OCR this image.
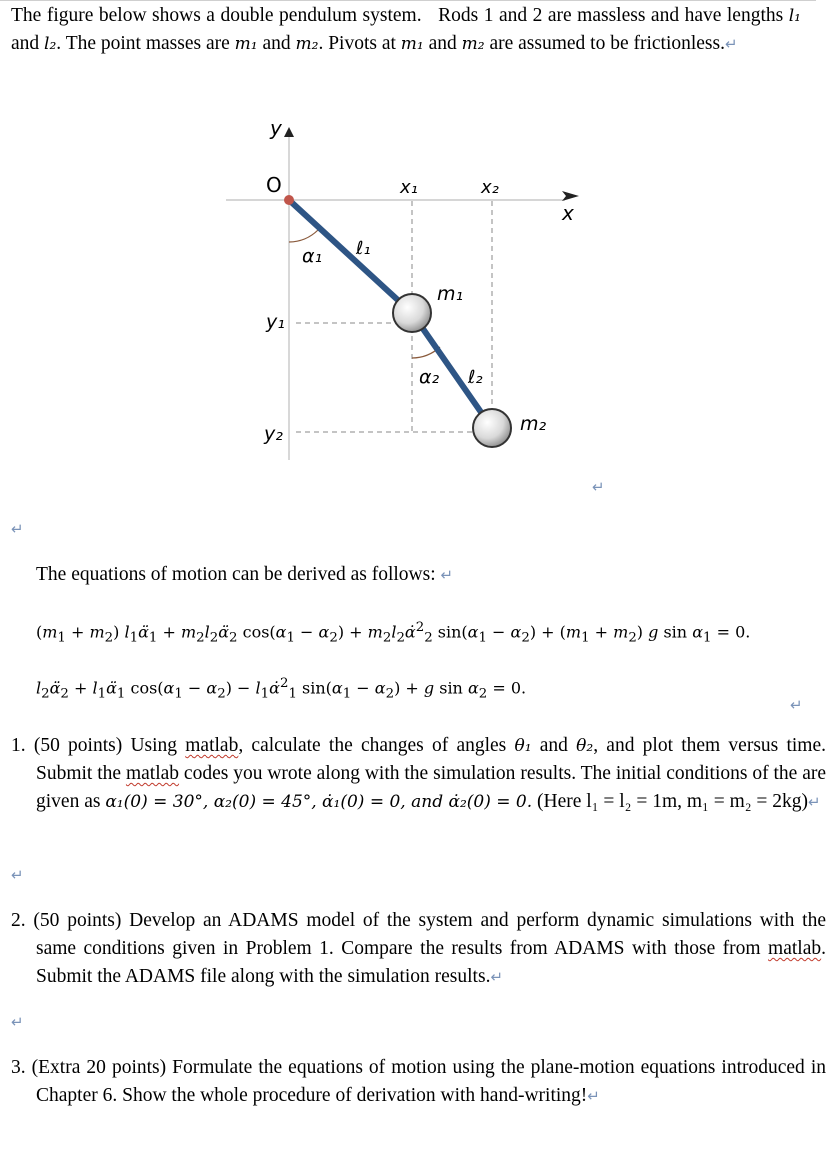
The figure below shows a double pendulum system. Rods 1 and 2 are massless and have lengths l₁ and l₂. The point masses are m₁ and m₂. Pivots at m₁ and m₂ are assumed to be frictionless.↵
y
O	x₁	x₂
x
α₁ ℓ₁
m₁
y₁
α₂ ℓ₂
m₂
y₂
↵
↵
The equations of motion can be derived as follows: ↵
$(m_1 + m_2)$ $l_1\alphä_1$ + $m_2l_2\alphä_2$ $\cos(\alpha_1 - \alpha_2)$ + $m_2l_2\alphȧ^2_2$ $\sin(\alpha_1 - \alpha_2) + (m_1 + m_2)$ g $\sin \alpha_1 = 0$.
$l_2\alphä_2$ + $l_1\alphä_1$ $\cos(\alpha_1 - \alpha_2)$ − $l_1\alphȧ^2_1$ $\sin(\alpha_1 - \alpha_2) + g$ $\sin \alpha_2 = 0$.
↵
1. (50 points) Using matlab, calculate the changes of angles θ₁ and θ₂, and plot them versus time. Submit the matlab codes you wrote along with the simulation results. The initial conditions of the are given as α₁(0) = 30°, α₂(0) = 45°, α̇₁(0) = 0, and α̇₂(0) = 0. (Here l₁ = l₂ = 1m, m₁ = m₂ = 2kg)↵
↵
2. (50 points) Develop an ADAMS model of the system and perform dynamic simulations with the same conditions given in Problem 1. Compare the results from ADAMS with those from matlab. Submit the ADAMS file along with the simulation results.↵
↵
3. (Extra 20 points) Formulate the equations of motion using the plane-motion equations introduced in Chapter 6. Show the whole procedure of derivation with hand-writing!↵
